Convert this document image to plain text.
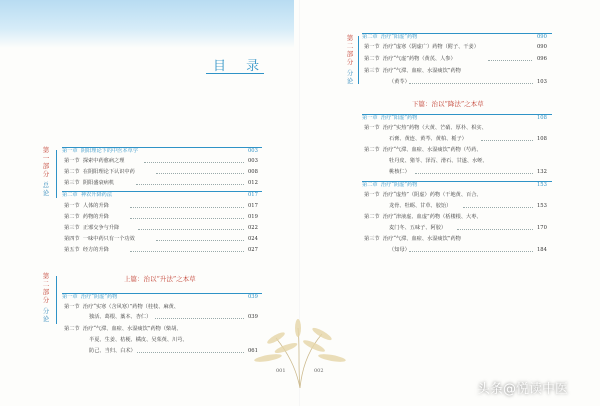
目 录
第
一
部
分
总
论
第一章 阴阳理论下的中医本草学	003
第一节 探索中药愈病之理	003
第二节 在阴阳理论下认识中药	008
第三节 阴阳盛衰病机	012
第二章 神农升降药法	017
第一节 人体的升降	017
第二节 药物的升降	019
第三节 正邪交争与升降	022
第四节 一味中药只有一个功效	024
第五节 经方的升降	027
第
二
部
分
分
论
上篇：治以“升法”之本草
第一章 治疗“阴虚”药物	039
第一节 治疗“实寒（含风寒）”药物（桂枝、麻黄、
独活、葛根、藁本、杏仁）	039
第二节 治疗“气滞、血瘀、水湿痰饮”药物（柴胡、
半夏、生姜、桔梗、橘皮、吴茱萸、川芎、
防己、当归、白术）	061
001
第
二
部
分
分
论
第二章 治疗“阳虚”药物	090
第一节 治疗“虚寒（阴虚广）药物（附子、干姜）	090
第二节 治疗“气虚”药物（黄芪、人参）	096
第三节 治疗“气滞、血瘀、水湿痰饮”药物
（黄苓）	103
下篇：治以“降法”之本草
第一章 治疗“阳虚”药物	108
第一节 治疗“实热”药物（大黄、芒硝、厚朴、枳实、
石膏、黄连、黄芩、黄柏、栀子）	108
第二节 治疗“气滞、血瘀、水湿痰饮”药物（芍药、
牡丹皮、猪苓、泽泻、滑石、甘遂、水蛭、
桃核仁）	132
第二章 治疗“阴虚”药物	153
第一节 治疗“虚热”（阴虚）药物（干地黄、百合、
龙骨、牡蛎、甘草、胶饴）	153
第二节 治疗“津液虚、血虚”药物（栝楼根、大枣、
麦门冬、五味子、阿胶）	170
第三节 治疗“气滞、血瘀、水湿痰饮”药物
（知母）	184
002
头条@悦读中医
